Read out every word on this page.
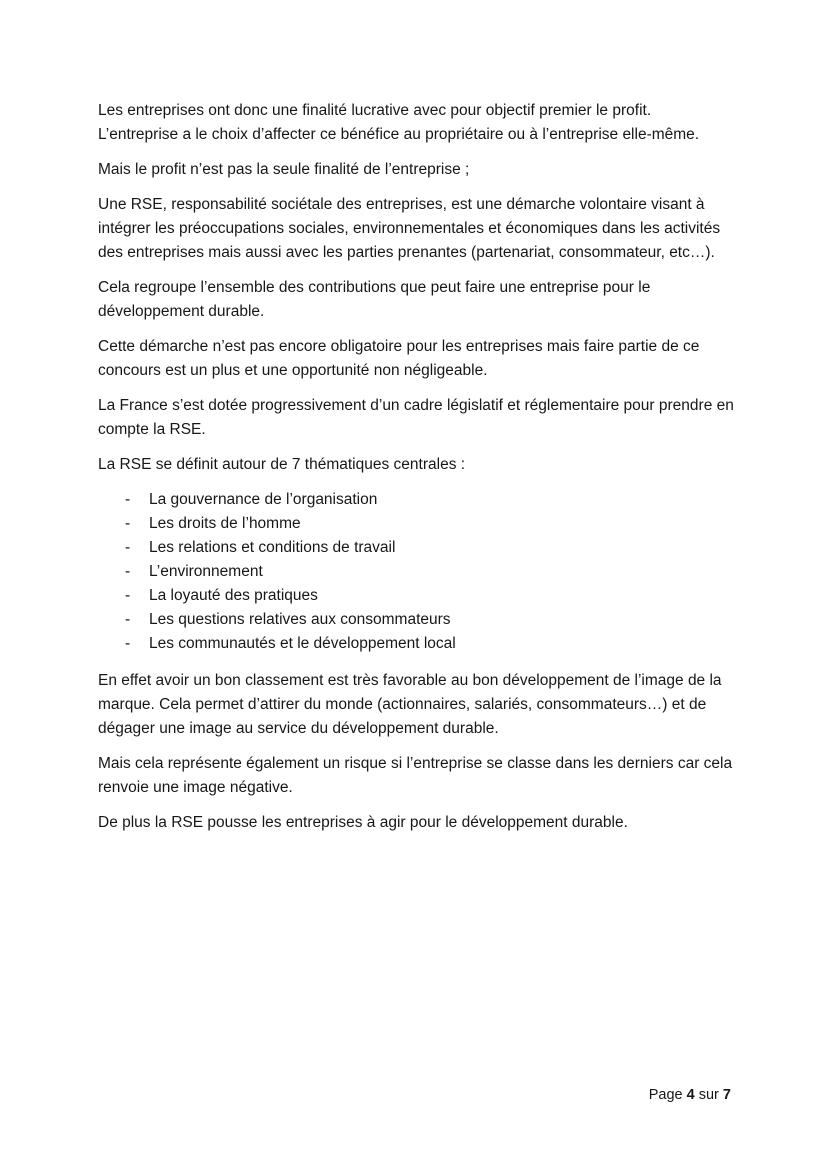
Les entreprises ont donc une finalité lucrative avec pour objectif premier le profit. L’entreprise a le choix d’affecter ce bénéfice au propriétaire ou à l’entreprise elle-même.

Mais le profit n’est pas la seule finalité de l’entreprise ;

Une RSE, responsabilité sociétale des entreprises, est une démarche volontaire visant à intégrer les préoccupations sociales, environnementales et économiques dans les activités des entreprises mais aussi avec les parties prenantes (partenariat, consommateur, etc…).

Cela regroupe l’ensemble des contributions que peut faire une entreprise pour le développement durable.

Cette démarche n’est pas encore obligatoire pour les entreprises mais faire partie de ce concours est un plus et une opportunité non négligeable.

La France s’est dotée progressivement d’un cadre législatif et réglementaire pour prendre en compte la RSE.

La RSE se définit autour de 7 thématiques centrales :

-	La gouvernance de l’organisation
-	Les droits de l’homme
-	Les relations et conditions de travail
-	L’environnement
-	La loyauté des pratiques
-	Les questions relatives aux consommateurs
-	Les communautés et le développement local

En effet avoir un bon classement est très favorable au bon développement de l’image de la marque. Cela permet d’attirer du monde (actionnaires, salariés, consommateurs…) et de dégager une image au service du développement durable.

Mais cela représente également un risque si l’entreprise se classe dans les derniers car cela renvoie une image négative.

De plus la RSE pousse les entreprises à agir pour le développement durable.

Page 4 sur 7
